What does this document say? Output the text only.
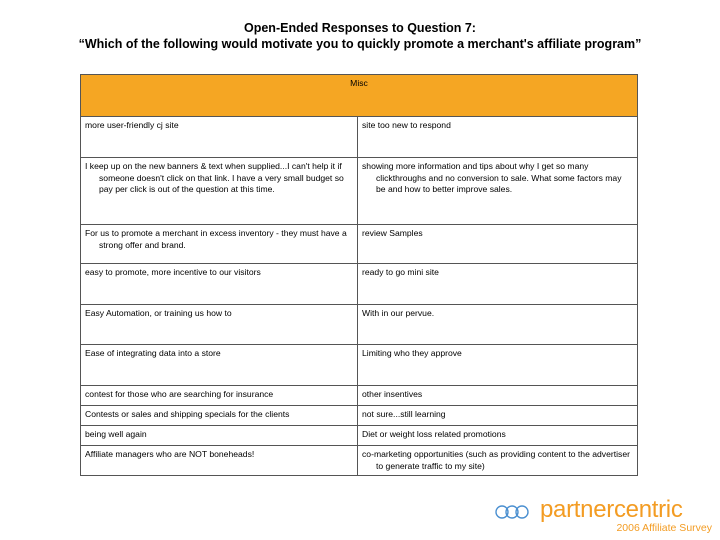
Open-Ended Responses to Question 7:
“Which of the following would motivate you to quickly promote a merchant's affiliate program”
Misc	

more user-friendly cj site	site too new to respond

I keep up on the new banners & text when supplied...I can't help it if someone doesn't click on that link. I have a very small budget so pay per click is out of the question at this time.	showing more information and tips about why I get so many clickthroughs and no conversion to sale. What some factors may be and how to better improve sales.

For us to promote a merchant in excess inventory - they must have a strong offer and brand.	review Samples

easy to promote, more incentive to our visitors	ready to go mini site

Easy Automation, or training us how to	With in our pervue.

Ease of integrating data into a store	Limiting who they approve

contest for those who are searching for insurance	other insentives

Contests or sales and shipping specials for the clients	not sure...still learning

being well again	Diet or weight loss related promotions

Affiliate managers who are NOT boneheads!	co-marketing opportunities (such as providing content to the advertiser to generate traffic to my site)
partnercentric
2006 Affiliate Survey
